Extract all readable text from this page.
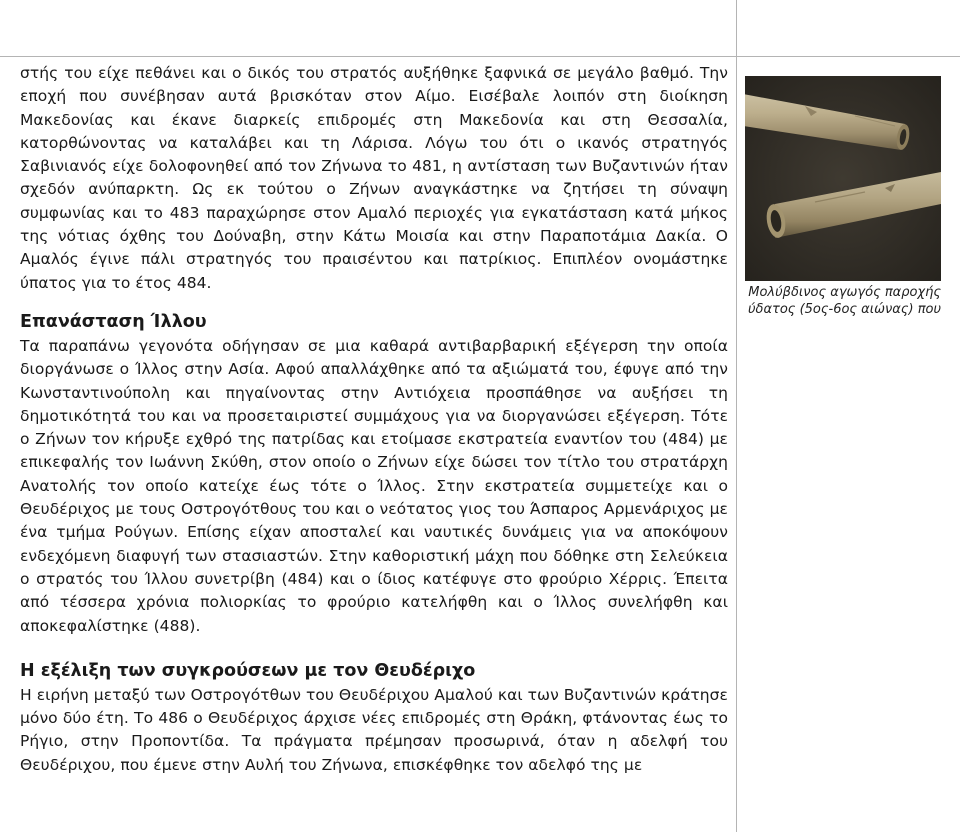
στής του είχε πεθάνει και ο δικός του στρατός αυξήθηκε ξαφνικά σε μεγάλο βαθμό. Την εποχή που συνέβησαν αυτά βρισκόταν στον Αίμο. Εισέβαλε λοιπόν στη διοίκηση Μακεδονίας και έκανε διαρκείς επιδρομές στη Μακεδονία και στη Θεσσαλία, κατορθώνοντας να καταλάβει και τη Λάρισα. Λόγω του ότι ο ικανός στρατηγός Σαβινιανός είχε δολοφονηθεί από τον Ζήνωνα το 481, η αντίσταση των Βυζαντινών ήταν σχεδόν ανύπαρκτη. Ως εκ τούτου ο Ζήνων αναγκάστηκε να ζητήσει τη σύναψη συμφωνίας και το 483 παραχώρησε στον Αμαλό περιοχές για εγκατάσταση κατά μήκος της νότιας όχθης του Δούναβη, στην Κάτω Μοισία και στην Παραποτάμια Δακία. Ο Αμαλός έγινε πάλι στρατηγός του πραισέντου και πατρίκιος. Επιπλέον ονομάστηκε ύπατος για το έτος 484.

Επανάσταση Ίλλου

Τα παραπάνω γεγονότα οδήγησαν σε μια καθαρά αντιβαρβαρική εξέγερση την οποία διοργάνωσε ο Ίλλος στην Ασία. Αφού απαλλάχθηκε από τα αξιώματά του, έφυγε από την Κωνσταντινούπολη και πηγαίνοντας στην Αντιόχεια προσπάθησε να αυξήσει τη δημοτικότητά του και να προσεταιριστεί συμμάχους για να διοργανώσει εξέγερση. Τότε ο Ζήνων τον κήρυξε εχθρό της πατρίδας και ετοίμασε εκστρατεία εναντίον του (484) με επικεφαλής τον Ιωάννη Σκύθη, στον οποίο ο Ζήνων είχε δώσει τον τίτλο του στρατάρχη Ανατολής τον οποίο κατείχε έως τότε ο Ίλλος. Στην εκστρατεία συμμετείχε και ο Θευδέριχος με τους Οστρογότθους του και ο νεότατος γιος του Άσπαρος Αρμενάριχος με ένα τμήμα Ρούγων. Επίσης είχαν αποσταλεί και ναυτικές δυνάμεις για να αποκόψουν ενδεχόμενη διαφυγή των στασιαστών. Στην καθοριστική μάχη που δόθηκε στη Σελεύκεια ο στρατός του Ίλλου συνετρίβη (484) και ο ίδιος κατέφυγε στο φρούριο Χέρρις. Έπειτα από τέσσερα χρόνια πολιορκίας το φρούριο κατελήφθη και ο Ίλλος συνελήφθη και αποκεφαλίστηκε (488).

Η εξέλιξη των συγκρούσεων με τον Θευδέριχο

Η ειρήνη μεταξύ των Οστρογότθων του Θευδέριχου Αμαλού και των Βυζαντινών κράτησε μόνο δύο έτη. Το 486 ο Θευδέριχος άρχισε νέες επιδρομές στη Θράκη, φτάνοντας έως το Ρήγιο, στην Προποντίδα. Τα πράγματα πρέμησαν προσωρινά, όταν η αδελφή του Θευδέριχου, που έμενε στην Αυλή του Ζήνωνα, επισκέφθηκε τον αδελφό της με

Μολύβδινος αγωγός παροχής ύδατος (5ος-6ος αιώνας) που
